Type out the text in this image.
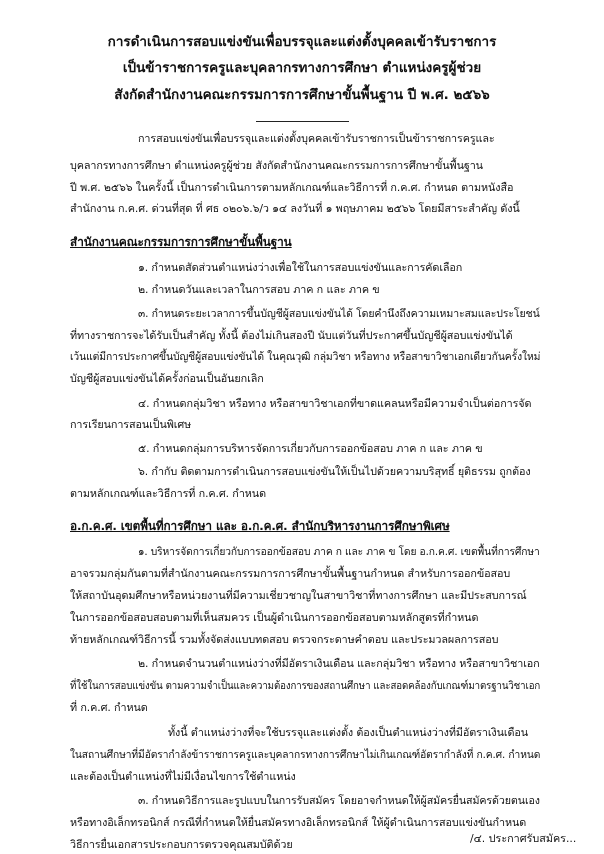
การดำเนินการสอบแข่งขันเพื่อบรรจุและแต่งตั้งบุคคลเข้ารับราชการ
เป็นข้าราชการครูและบุคลากรทางการศึกษา ตำแหน่งครูผู้ช่วย
สังกัดสำนักงานคณะกรรมการการศึกษาขั้นพื้นฐาน ปี พ.ศ. ๒๕๖๖
การสอบแข่งขันเพื่อบรรจุและแต่งตั้งบุคคลเข้ารับราชการเป็นข้าราชการครูและ
บุคลากรทางการศึกษา ตำแหน่งครูผู้ช่วย สังกัดสำนักงานคณะกรรมการการศึกษาขั้นพื้นฐาน
ปี พ.ศ. ๒๕๖๖ ในครั้งนี้ เป็นการดำเนินการตามหลักเกณฑ์และวิธีการที่ ก.ค.ศ. กำหนด ตามหนังสือ
สำนักงาน ก.ค.ศ. ด่วนที่สุด ที่ ศธ ๐๒๐๖.๖/ว ๑๔ ลงวันที่ ๑ พฤษภาคม ๒๕๖๖ โดยมีสาระสำคัญ ดังนี้
สำนักงานคณะกรรมการการศึกษาขั้นพื้นฐาน
๑. กำหนดสัดส่วนตำแหน่งว่างเพื่อใช้ในการสอบแข่งขันและการคัดเลือก
๒. กำหนดวันและเวลาในการสอบ ภาค ก และ ภาค ข
๓. กำหนดระยะเวลาการขึ้นบัญชีผู้สอบแข่งขันได้ โดยคำนึงถึงความเหมาะสมและประโยชน์
ที่ทางราชการจะได้รับเป็นสำคัญ ทั้งนี้ ต้องไม่เกินสองปี นับแต่วันที่ประกาศขึ้นบัญชีผู้สอบแข่งขันได้
เว้นแต่มีการประกาศขึ้นบัญชีผู้สอบแข่งขันได้ ในคุณวุฒิ กลุ่มวิชา หรือทาง หรือสาขาวิชาเอกเดียวกันครั้งใหม่
บัญชีผู้สอบแข่งขันได้ครั้งก่อนเป็นอันยกเลิก
๔. กำหนดกลุ่มวิชา หรือทาง หรือสาขาวิชาเอกที่ขาดแคลนหรือมีความจำเป็นต่อการจัด
การเรียนการสอนเป็นพิเศษ
๕. กำหนดกลุ่มการบริหารจัดการเกี่ยวกับการออกข้อสอบ ภาค ก และ ภาค ข
๖. กำกับ ติดตามการดำเนินการสอบแข่งขันให้เป็นไปด้วยความบริสุทธิ์ ยุติธรรม ถูกต้อง
ตามหลักเกณฑ์และวิธีการที่ ก.ค.ศ. กำหนด
อ.ก.ค.ศ. เขตพื้นที่การศึกษา และ อ.ก.ค.ศ. สำนักบริหารงานการศึกษาพิเศษ
๑. บริหารจัดการเกี่ยวกับการออกข้อสอบ ภาค ก และ ภาค ข โดย อ.ก.ค.ศ. เขตพื้นที่การศึกษา
อาจรวมกลุ่มกันตามที่สำนักงานคณะกรรมการการศึกษาขั้นพื้นฐานกำหนด สำหรับการออกข้อสอบ
ให้สถาบันอุดมศึกษาหรือหน่วยงานที่มีความเชี่ยวชาญในสาขาวิชาที่ทางการศึกษา และมีประสบการณ์
ในการออกข้อสอบสอบตามที่เห็นสมควร เป็นผู้ดำเนินการออกข้อสอบตามหลักสูตรที่กำหนด
ท้ายหลักเกณฑ์วิธีการนี้ รวมทั้งจัดส่งแบบทดสอบ ตรวจกระดาษคำตอบ และประมวลผลการสอบ
๒. กำหนดจำนวนตำแหน่งว่างที่มีอัตราเงินเดือน และกลุ่มวิชา หรือทาง หรือสาขาวิชาเอก
ที่ใช้ในการสอบแข่งขัน ตามความจำเป็นและความต้องการของสถานศึกษา และสอดคล้องกับเกณฑ์มาตรฐานวิชาเอก
ที่ ก.ค.ศ. กำหนด
ทั้งนี้ ตำแหน่งว่างที่จะใช้บรรจุและแต่งตั้ง ต้องเป็นตำแหน่งว่างที่มีอัตราเงินเดือน
ในสถานศึกษาที่มีอัตรากำลังข้าราชการครูและบุคลากรทางการศึกษาไม่เกินเกณฑ์อัตรากำลังที่ ก.ค.ศ. กำหนด
และต้องเป็นตำแหน่งที่ไม่มีเงื่อนไขการใช้ตำแหน่ง
๓. กำหนดวิธีการและรูปแบบในการรับสมัคร โดยอาจกำหนดให้ผู้สมัครยื่นสมัครด้วยตนเอง
หรือทางอิเล็กทรอนิกส์ กรณีที่กำหนดให้ยื่นสมัครทางอิเล็กทรอนิกส์ ให้ผู้ดำเนินการสอบแข่งขันกำหนด
วิธีการยื่นเอกสารประกอบการตรวจคุณสมบัติด้วย	/๔. ประกาศรับสมัคร...
